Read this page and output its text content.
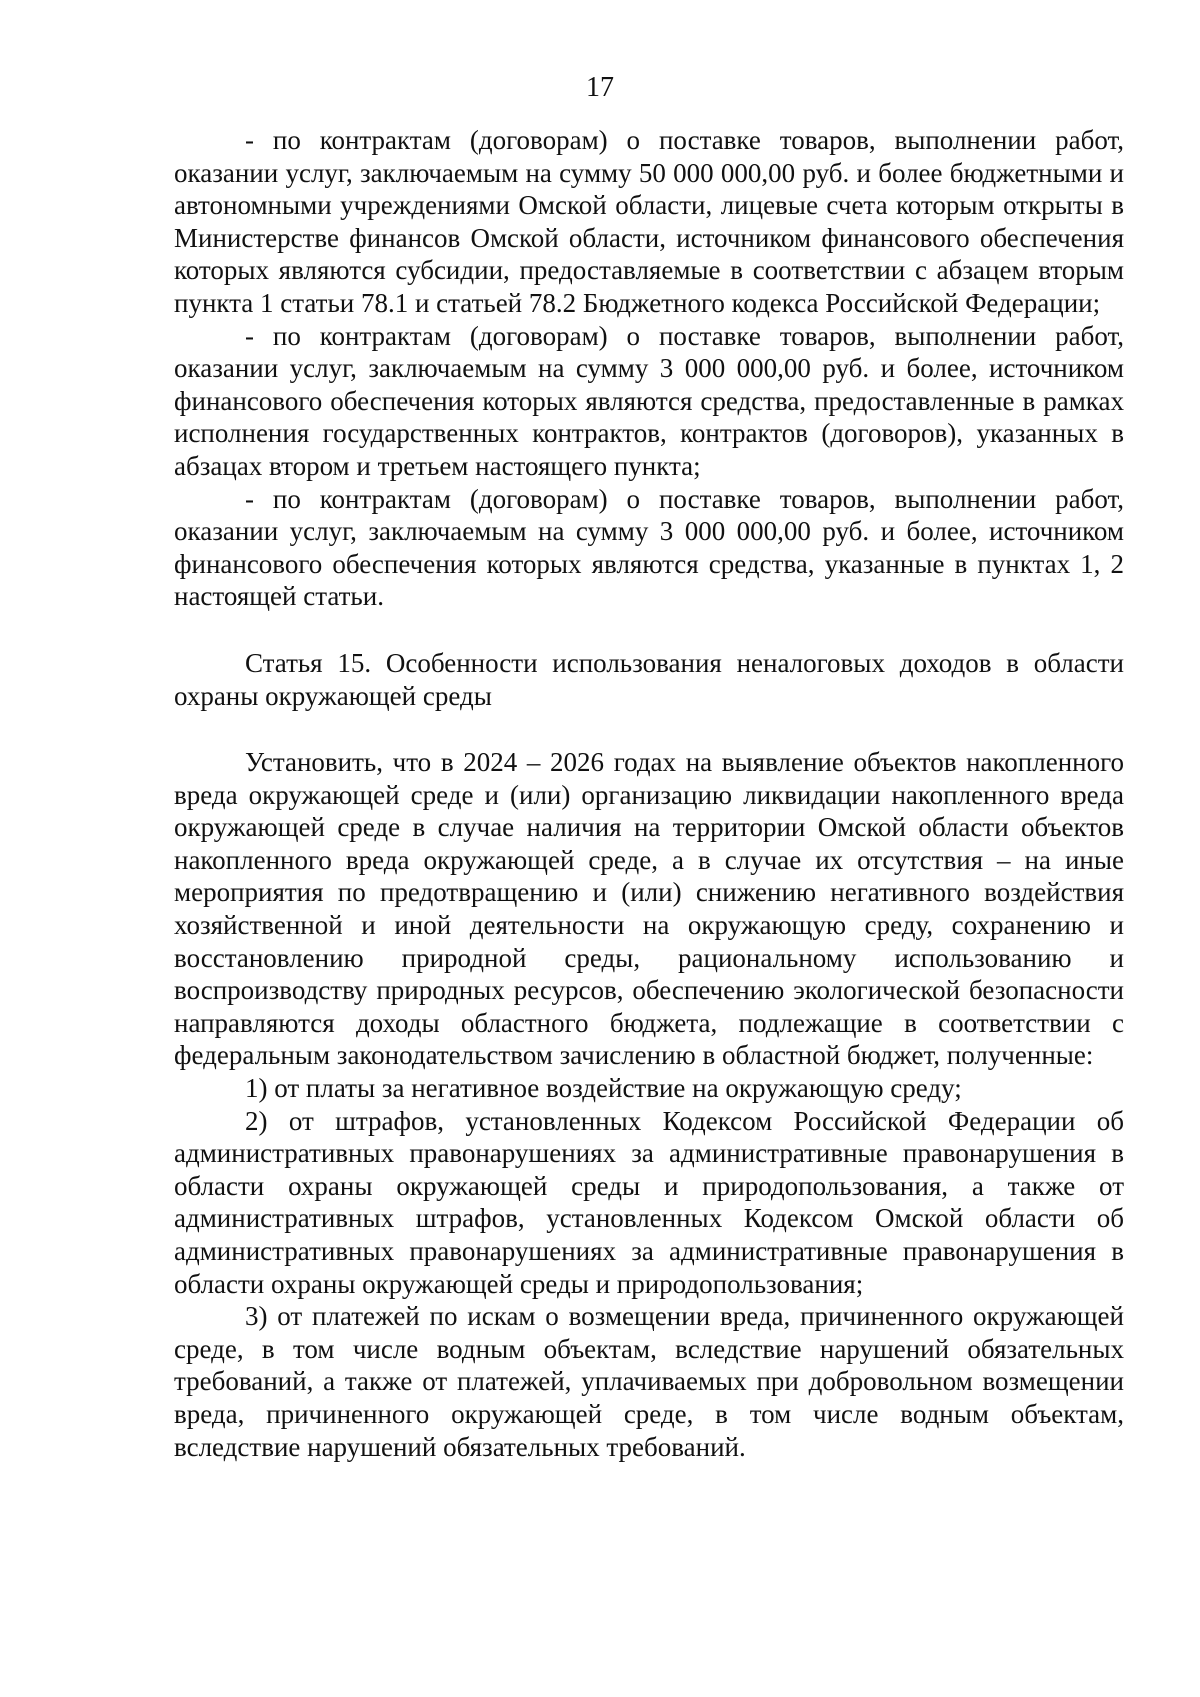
17

- по контрактам (договорам) о поставке товаров, выполнении работ, оказании услуг, заключаемым на сумму 50 000 000,00 руб. и более бюджетными и автономными учреждениями Омской области, лицевые счета которым открыты в Министерстве финансов Омской области, источником финансового обеспечения которых являются субсидии, предоставляемые в соответствии с абзацем вторым пункта 1 статьи 78.1 и статьей 78.2 Бюджетного кодекса Российской Федерации;

- по контрактам (договорам) о поставке товаров, выполнении работ, оказании услуг, заключаемым на сумму 3 000 000,00 руб. и более, источником финансового обеспечения которых являются средства, предоставленные в рамках исполнения государственных контрактов, контрактов (договоров), указанных в абзацах втором и третьем настоящего пункта;

- по контрактам (договорам) о поставке товаров, выполнении работ, оказании услуг, заключаемым на сумму 3 000 000,00 руб. и более, источником финансового обеспечения которых являются средства, указанные в пунктах 1, 2 настоящей статьи.

Статья 15. Особенности использования неналоговых доходов в области охраны окружающей среды

Установить, что в 2024 – 2026 годах на выявление объектов накопленного вреда окружающей среде и (или) организацию ликвидации накопленного вреда окружающей среде в случае наличия на территории Омской области объектов накопленного вреда окружающей среде, а в случае их отсутствия – на иные мероприятия по предотвращению и (или) снижению негативного воздействия хозяйственной и иной деятельности на окружающую среду, сохранению и восстановлению природной среды, рациональному использованию и воспроизводству природных ресурсов, обеспечению экологической безопасности направляются доходы областного бюджета, подлежащие в соответствии с федеральным законодательством зачислению в областной бюджет, полученные:

1) от платы за негативное воздействие на окружающую среду;

2) от штрафов, установленных Кодексом Российской Федерации об административных правонарушениях за административные правонарушения в области охраны окружающей среды и природопользования, а также от административных штрафов, установленных Кодексом Омской области об административных правонарушениях за административные правонарушения в области охраны окружающей среды и природопользования;

3) от платежей по искам о возмещении вреда, причиненного окружающей среде, в том числе водным объектам, вследствие нарушений обязательных требований, а также от платежей, уплачиваемых при добровольном возмещении вреда, причиненного окружающей среде, в том числе водным объектам, вследствие нарушений обязательных требований.
